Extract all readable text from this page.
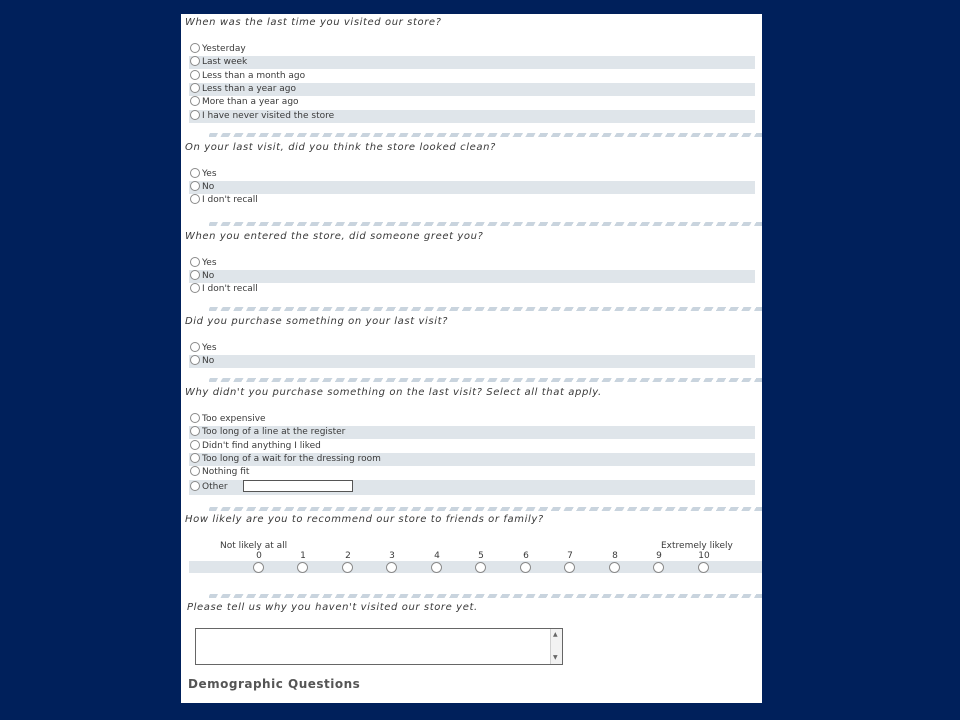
When was the last time you visited our store?
Yesterday
Last week
Less than a month ago
Less than a year ago
More than a year ago
I have never visited the store
On your last visit, did you think the store looked clean?
Yes
No
I don't recall
When you entered the store, did someone greet you?
Yes
No
I don't recall
Did you purchase something on your last visit?
Yes
No
Why didn't you purchase something on the last visit? Select all that apply.
Too expensive
Too long of a line at the register
Didn't find anything I liked
Too long of a wait for the dressing room
Nothing fit
Other
How likely are you to recommend our store to friends or family?
Not likely at all	Extremely likely
0	1	2	3	4	5	6	7	8	9	10
Please tell us why you haven't visited our store yet.
▲
▼
Demographic Questions
